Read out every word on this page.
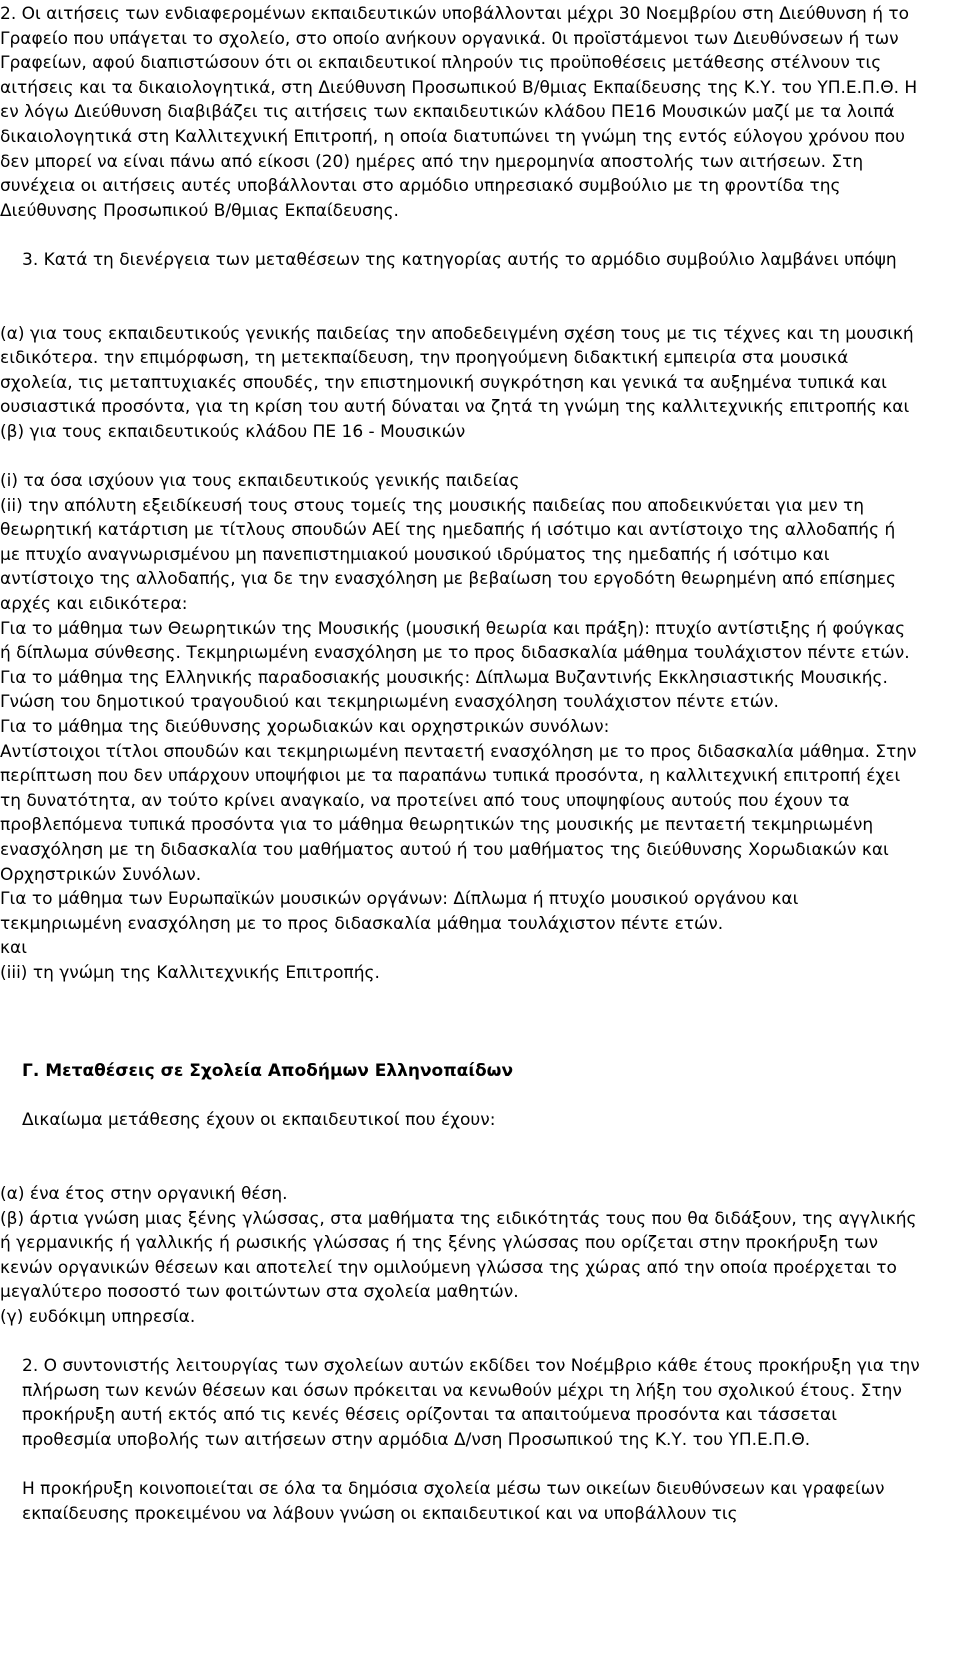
2. Οι αιτήσεις των ενδιαφερομένων εκπαιδευτικών υποβάλλονται μέχρι 30 Νοεμβρίου στη Διεύθυνση ή το Γραφείο που υπάγεται το σχολείο, στο οποίο ανήκουν οργανικά. 0ι προϊστάμενοι των Διευθύνσεων ή των Γραφείων, αφού διαπιστώσουν ότι οι εκπαιδευτικοί πληρούν τις προϋποθέσεις μετάθεσης στέλνουν τις αιτήσεις και τα δικαιολογητικά, στη Διεύθυνση Προσωπικού Β/θμιας Εκπαίδευσης της Κ.Υ. του ΥΠ.Ε.Π.Θ. Η εν λόγω Διεύθυνση διαβιβάζει τις αιτήσεις των εκπαιδευτικών κλάδου ΠΕ16 Μουσικών μαζί με τα λοιπά δικαιολογητικά στη Καλλιτεχνική Επιτροπή, η οποία διατυπώνει τη γνώμη της εντός εύλογου χρόνου που δεν μπορεί να είναι πάνω από είκοσι (20) ημέρες από την ημερομηνία αποστολής των αιτήσεων. Στη συνέχεια οι αιτήσεις αυτές υποβάλλονται στο αρμόδιο υπηρεσιακό συμβούλιο με τη φροντίδα της Διεύθυνσης Προσωπικού Β/θμιας Εκπαίδευσης.

3. Κατά τη διενέργεια των μεταθέσεων της κατηγορίας αυτής το αρμόδιο συμβούλιο λαμβάνει υπόψη

(α) για τους εκπαιδευτικούς γενικής παιδείας την αποδεδειγμένη σχέση τους με τις τέχνες και τη μουσική ειδικότερα. την επιμόρφωση, τη μετεκπαίδευση, την προηγούμενη διδακτική εμπειρία στα μουσικά σχολεία, τις μεταπτυχιακές σπουδές, την επιστημονική συγκρότηση και γενικά τα αυξημένα τυπικά και ουσιαστικά προσόντα, για τη κρίση του αυτή δύναται να ζητά τη γνώμη της καλλιτεχνικής επιτροπής και

(β) για τους εκπαιδευτικούς κλάδου ΠΕ 16 - Μουσικών

(i) τα όσα ισχύουν για τους εκπαιδευτικούς γενικής παιδείας

(ii) την απόλυτη εξειδίκευσή τους στους τομείς της μουσικής παιδείας που αποδεικνύεται για μεν τη θεωρητική κατάρτιση με τίτλους σπουδών ΑΕί της ημεδαπής ή ισότιμο και αντίστοιχο της αλλοδαπής ή με πτυχίο αναγνωρισμένου μη πανεπιστημιακού μουσικού ιδρύματος της ημεδαπής ή ισότιμο και αντίστοιχο της αλλοδαπής, για δε την ενασχόληση με βεβαίωση του εργοδότη θεωρημένη από επίσημες αρχές και ειδικότερα:

Για το μάθημα των Θεωρητικών της Μουσικής (μουσική θεωρία και πράξη): πτυχίο αντίστιξης ή φούγκας ή δίπλωμα σύνθεσης. Τεκμηριωμένη ενασχόληση με το προς διδασκαλία μάθημα τουλάχιστον πέντε ετών.

Για το μάθημα της Ελληνικής παραδοσιακής μουσικής: Δίπλωμα Βυζαντινής Εκκλησιαστικής Μουσικής. Γνώση του δημοτικού τραγουδιού και τεκμηριωμένη ενασχόληση τουλάχιστον πέντε ετών.

Για το μάθημα της διεύθυνσης χορωδιακών και ορχηστρικών συνόλων:

Αντίστοιχοι τίτλοι σπουδών και τεκμηριωμένη πενταετή ενασχόληση με το προς διδασκαλία μάθημα. Στην περίπτωση που δεν υπάρχουν υποψήφιοι με τα παραπάνω τυπικά προσόντα, η καλλιτεχνική επιτροπή έχει τη δυνατότητα, αν τούτο κρίνει αναγκαίο, να προτείνει από τους υποψηφίους αυτούς που έχουν τα προβλεπόμενα τυπικά προσόντα για το μάθημα θεωρητικών της μουσικής με πενταετή τεκμηριωμένη ενασχόληση με τη διδασκαλία του μαθήματος αυτού ή του μαθήματος της διεύθυνσης Χορωδιακών και Ορχηστρικών Συνόλων.

Για το μάθημα των Ευρωπαϊκών μουσικών οργάνων: Δίπλωμα ή πτυχίο μουσικού οργάνου και τεκμηριωμένη ενασχόληση με το προς διδασκαλία μάθημα τουλάχιστον πέντε ετών.

και

(iii) τη γνώμη της Καλλιτεχνικής Επιτροπής.

Γ. Μεταθέσεις σε Σχολεία Αποδήμων Ελληνοπαίδων

Δικαίωμα μετάθεσης έχουν οι εκπαιδευτικοί που έχουν:

(α) ένα έτος στην οργανική θέση.

(β) άρτια γνώση μιας ξένης γλώσσας, στα μαθήματα της ειδικότητάς τους που θα διδάξουν, της αγγλικής ή γερμανικής ή γαλλικής ή ρωσικής γλώσσας ή της ξένης γλώσσας που ορίζεται στην προκήρυξη των κενών οργανικών θέσεων και αποτελεί την ομιλούμενη γλώσσα της χώρας από την οποία προέρχεται το μεγαλύτερο ποσοστό των φοιτώντων στα σχολεία μαθητών.

(γ) ευδόκιμη υπηρεσία.

2. Ο συντονιστής λειτουργίας των σχολείων αυτών εκδίδει τον Νοέμβριο κάθε έτους προκήρυξη για την πλήρωση των κενών θέσεων και όσων πρόκειται να κενωθούν μέχρι τη λήξη του σχολικού έτους. Στην προκήρυξη αυτή εκτός από τις κενές θέσεις ορίζονται τα απαιτούμενα προσόντα και τάσσεται προθεσμία υποβολής των αιτήσεων στην αρμόδια Δ/νση Προσωπικού της Κ.Υ. του ΥΠ.Ε.Π.Θ.

Η προκήρυξη κοινοποιείται σε όλα τα δημόσια σχολεία μέσω των οικείων διευθύνσεων και γραφείων εκπαίδευσης προκειμένου να λάβουν γνώση οι εκπαιδευτικοί και να υποβάλλουν τις
